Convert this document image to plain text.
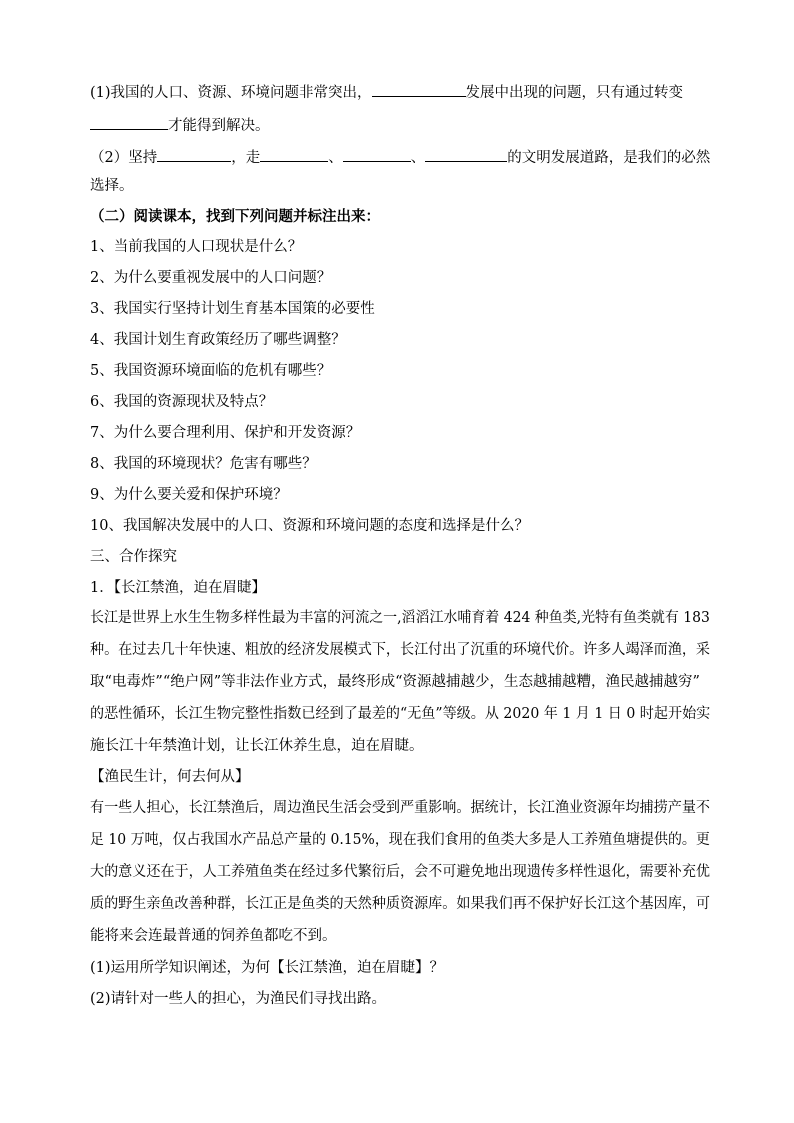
(1)我国的人口、资源、环境问题非常突出，	发展中出现的问题，只有通过转变
才能得到解决。
（2）坚持	，走	、	、	的文明发展道路，是我们的必然
选择。
（二）阅读课本，找到下列问题并标注出来：
1、当前我国的人口现状是什么？
2、为什么要重视发展中的人口问题？
3、我国实行坚持计划生育基本国策的必要性
4、我国计划生育政策经历了哪些调整？
5、我国资源环境面临的危机有哪些？
6、我国的资源现状及特点？
7、为什么要合理利用、保护和开发资源？
8、我国的环境现状？危害有哪些？
9、为什么要关爱和保护环境？
10、我国解决发展中的人口、资源和环境问题的态度和选择是什么？
三、合作探究
1．【长江禁渔，迫在眉睫】
长江是世界上水生生物多样性最为丰富的河流之一,滔滔江水哺育着 424 种鱼类,光特有鱼类就有 183
种。在过去几十年快速、粗放的经济发展模式下，长江付出了沉重的环境代价。许多人竭泽而渔，采
取“电毒炸”“绝户网”等非法作业方式，最终形成“资源越捕越少，生态越捕越糟，渔民越捕越穷”
的恶性循环，长江生物完整性指数已经到了最差的“无鱼”等级。从 2020 年 1 月 1 日 0 时起开始实
施长江十年禁渔计划，让长江休养生息，迫在眉睫。
【渔民生计，何去何从】
有一些人担心，长江禁渔后，周边渔民生活会受到严重影响。据统计，长江渔业资源年均捕捞产量不
足 10 万吨，仅占我国水产品总产量的 0.15%，现在我们食用的鱼类大多是人工养殖鱼塘提供的。更
大的意义还在于，人工养殖鱼类在经过多代繁衍后，会不可避免地出现遗传多样性退化，需要补充优
质的野生亲鱼改善种群，长江正是鱼类的天然种质资源库。如果我们再不保护好长江这个基因库，可
能将来会连最普通的饲养鱼都吃不到。
(1)运用所学知识阐述，为何【长江禁渔，迫在眉睫】？
(2)请针对一些人的担心，为渔民们寻找出路。
